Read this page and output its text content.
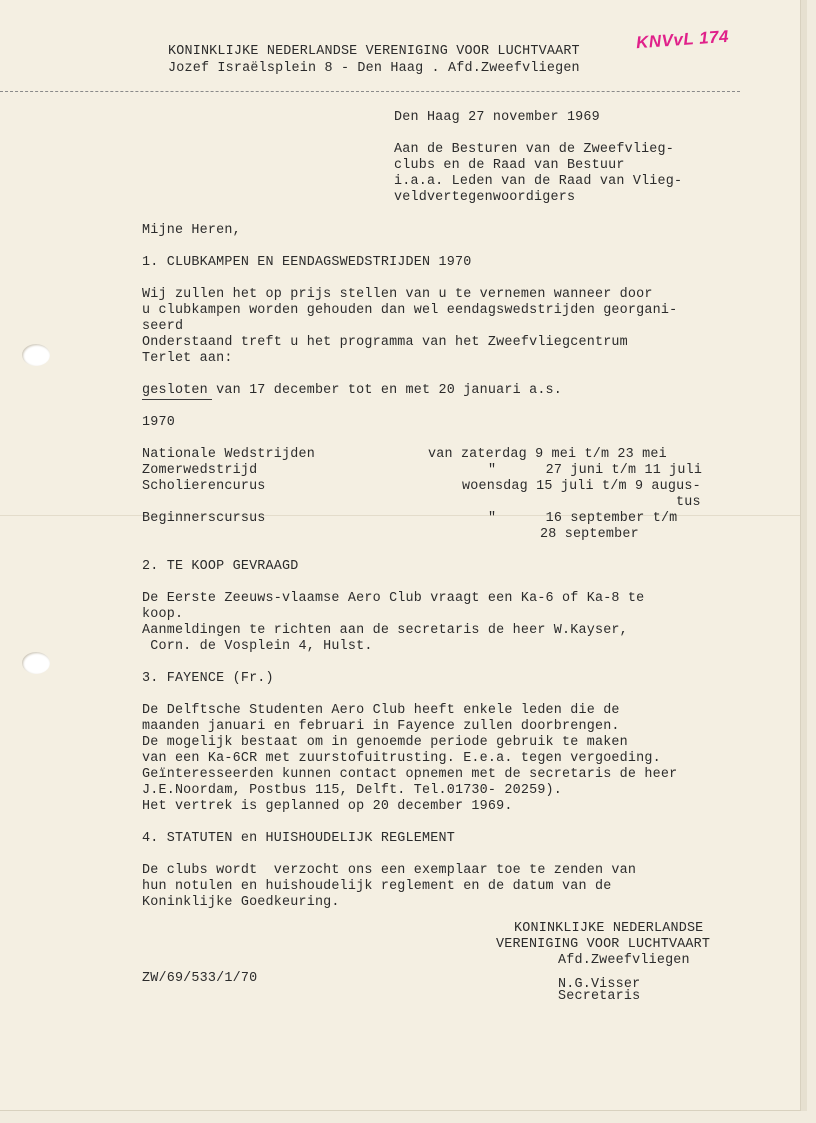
KONINKLIJKE NEDERLANDSE VERENIGING VOOR LUCHTVAART
Jozef Israëlsplein 8 - Den Haag . Afd.Zweefvliegen
KNVvL 174
Den Haag 27 november 1969
Aan de Besturen van de Zweefvlieg-
clubs en de Raad van Bestuur
i.a.a. Leden van de Raad van Vlieg-
veldvertegenwoordigers
Mijne Heren,
1. CLUBKAMPEN EN EENDAGSWEDSTRIJDEN 1970
Wij zullen het op prijs stellen van u te vernemen wanneer door
u clubkampen worden gehouden dan wel eendagswedstrijden georgani-
seerd
Onderstaand treft u het programma van het Zweefvliegcentrum
Terlet aan:
gesloten van 17 december tot en met 20 januari a.s.
1970
Nationale Wedstrijden	van zaterdag 9 mei t/m 23 mei
Zomerwedstrijd	"      27 juni t/m 11 juli
Scholierencurus	woensdag 15 juli t/m 9 augus-
tus
Beginnerscursus	"      16 september t/m
28 september
2. TE KOOP GEVRAAGD
De Eerste Zeeuws-vlaamse Aero Club vraagt een Ka-6 of Ka-8 te
koop.
Aanmeldingen te richten aan de secretaris de heer W.Kayser,
Corn. de Vosplein 4, Hulst.
3. FAYENCE (Fr.)
De Delftsche Studenten Aero Club heeft enkele leden die de
maanden januari en februari in Fayence zullen doorbrengen.
De mogelijk bestaat om in genoemde periode gebruik te maken
van een Ka-6CR met zuurstofuitrusting. E.e.a. tegen vergoeding.
Geïnteresseerden kunnen contact opnemen met de secretaris de heer
J.E.Noordam, Postbus 115, Delft. Tel.01730- 20259).
Het vertrek is geplanned op 20 december 1969.
4. STATUTEN en HUISHOUDELIJK REGLEMENT
De clubs wordt  verzocht ons een exemplaar toe te zenden van
hun notulen en huishoudelijk reglement en de datum van de
Koninklijke Goedkeuring.
KONINKLIJKE NEDERLANDSE
VERENIGING VOOR LUCHTVAART
Afd.Zweefvliegen
N.G.Visser
Secretaris
ZW/69/533/1/70
